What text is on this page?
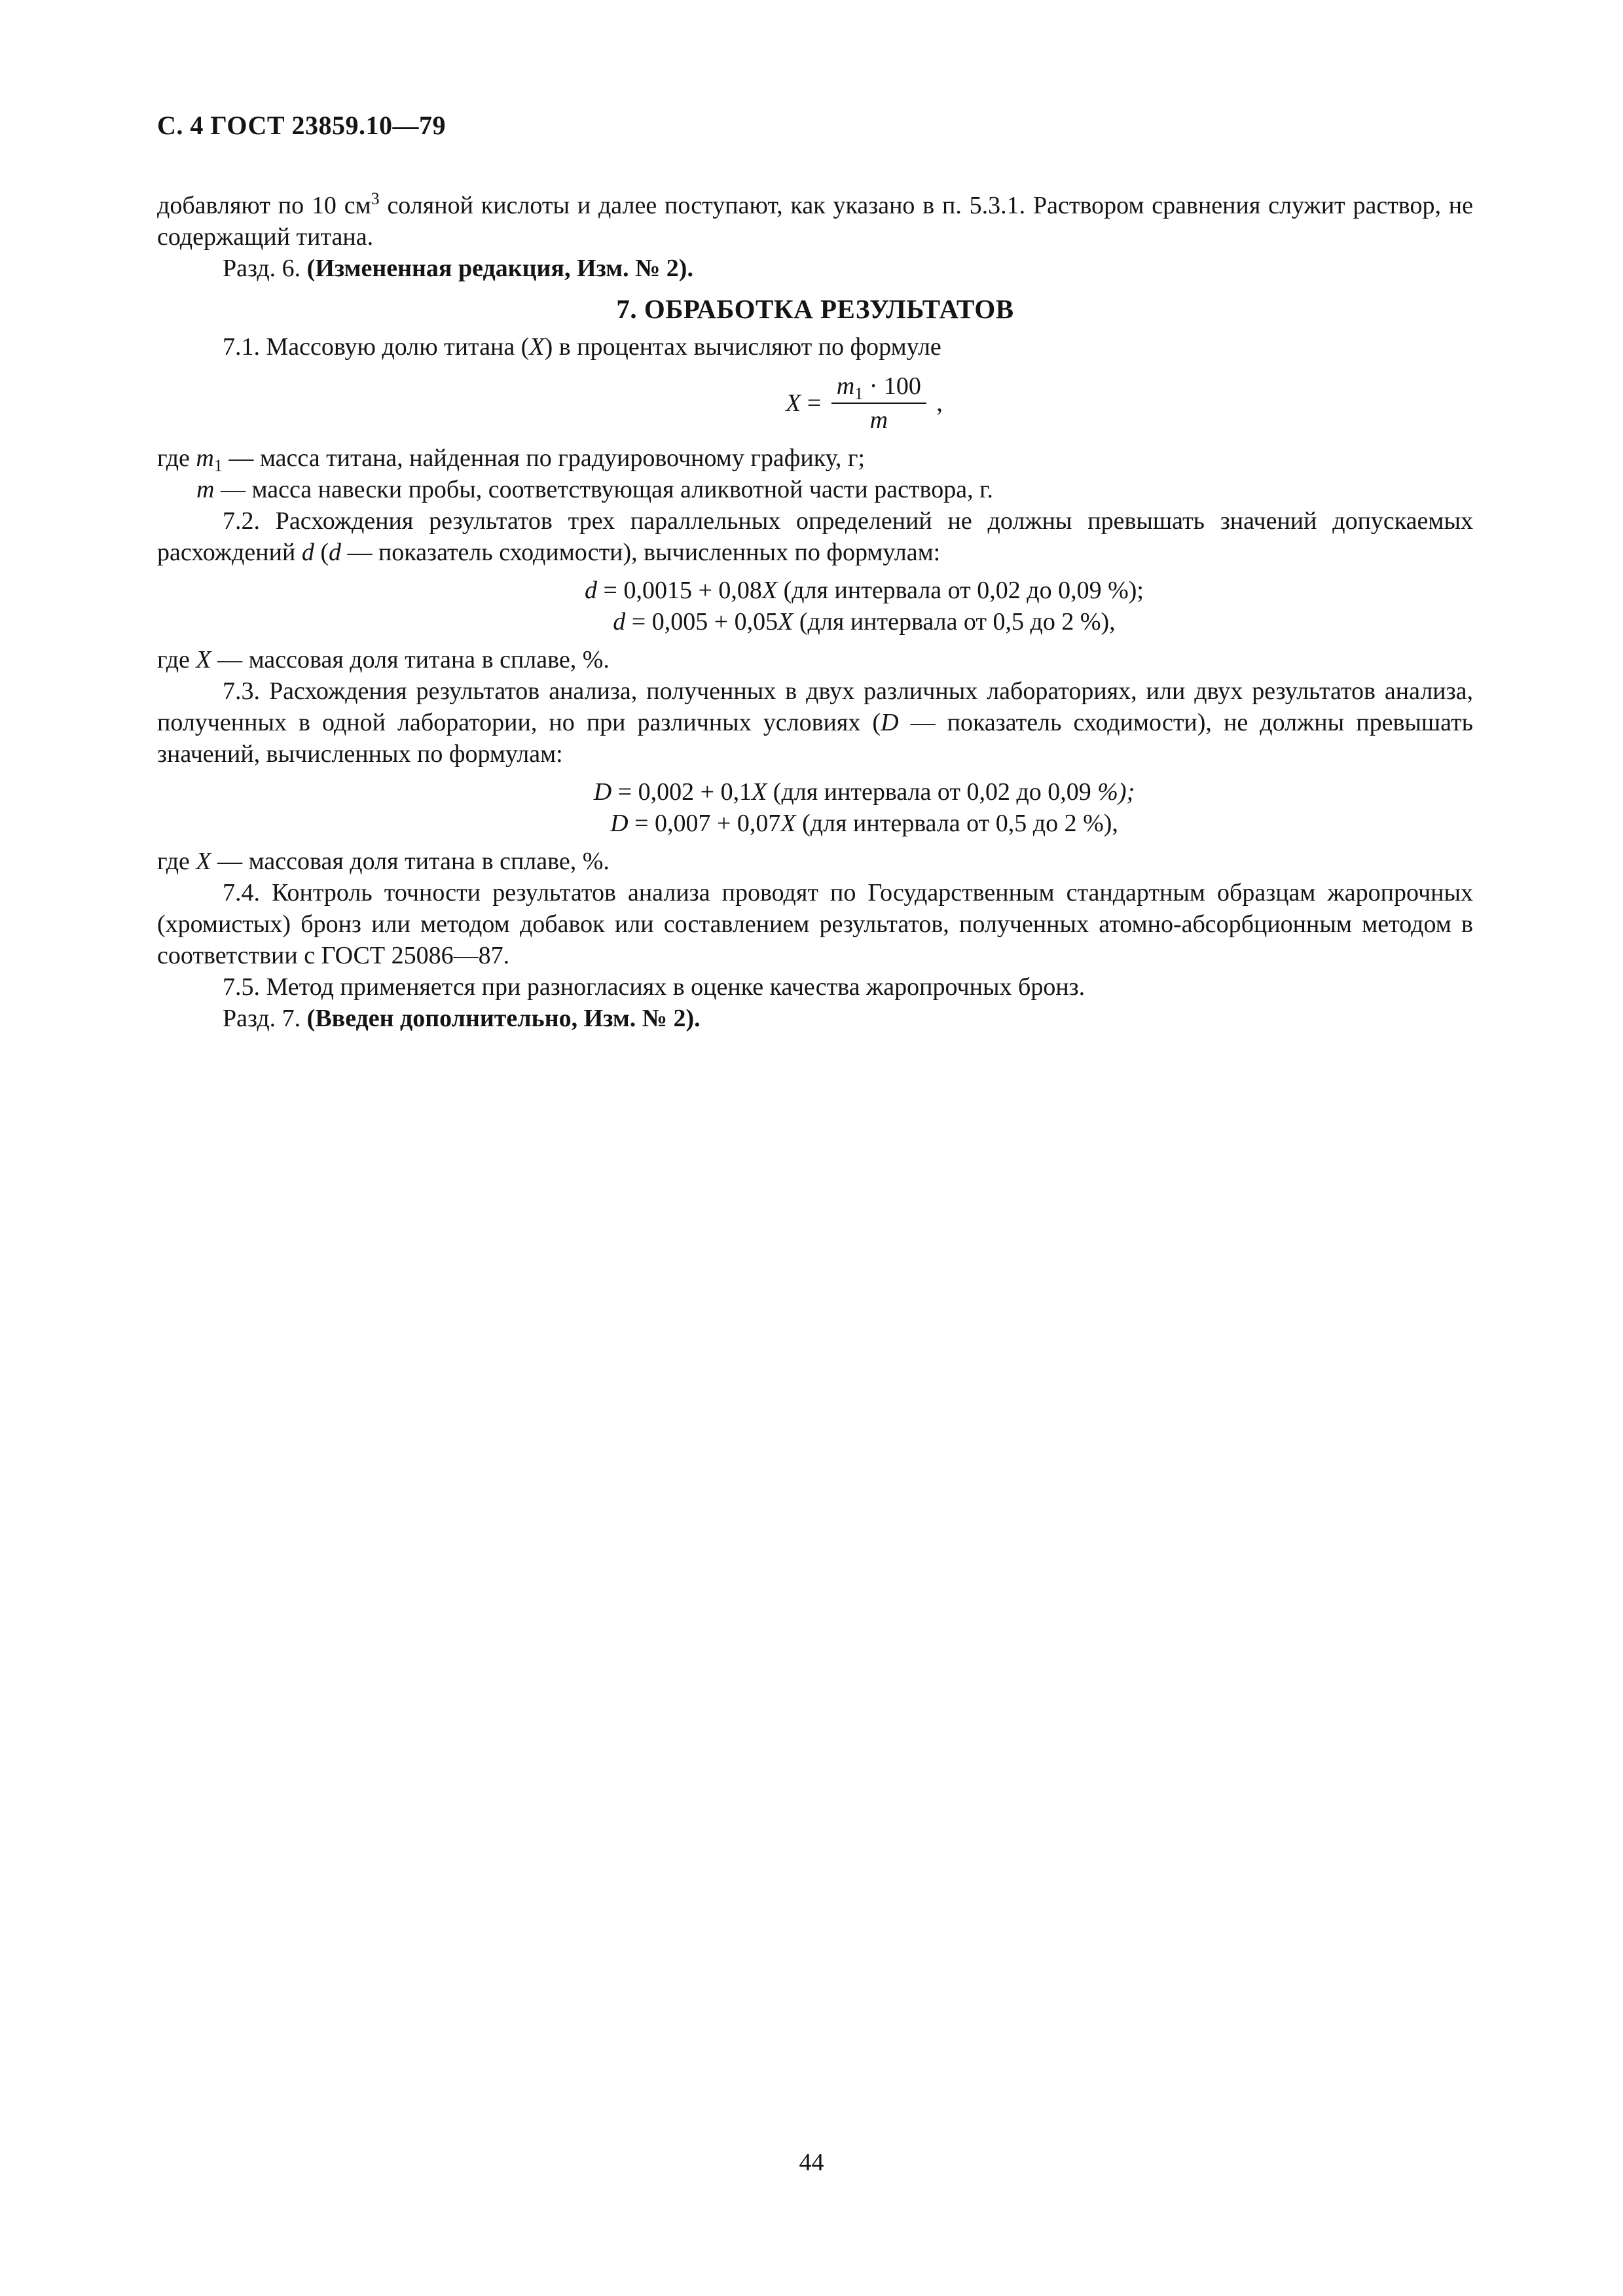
С. 4 ГОСТ 23859.10—79

добавляют по 10 $см^3$ соляной кислоты и далее поступают, как указано в п. 5.3.1. Раствором сравнения служит раствор, не содержащий титана.

Разд. 6. (Измененная редакция, Изм. № 2).

7. ОБРАБОТКА РЕЗУЛЬТАТОВ

7.1. Массовую долю титана (X) в процентах вычисляют по формуле

$X = \frac{m_1 \cdot 100}{m}$ ,

где $m_1$ — масса титана, найденная по градуировочному графику, г;

m — масса навески пробы, соответствующая аликвотной части раствора, г.

7.2. Расхождения результатов трех параллельных определений не должны превышать значений допускаемых расхождений d (d — показатель сходимости), вычисленных по формулам:

d = 0,0015 + 0,08X (для интервала от 0,02 до 0,09 %);

d = 0,005 + 0,05X (для интервала от 0,5 до 2 %),

где X — массовая доля титана в сплаве, %.

7.3. Расхождения результатов анализа, полученных в двух различных лабораториях, или двух результатов анализа, полученных в одной лаборатории, но при различных условиях (D — показатель сходимости), не должны превышать значений, вычисленных по формулам:

D = 0,002 + 0,1X (для интервала от 0,02 до 0,09 %);

D = 0,007 + 0,07X (для интервала от 0,5 до 2 %),

где X — массовая доля титана в сплаве, %.

7.4. Контроль точности результатов анализа проводят по Государственным стандартным образцам жаропрочных (хромистых) бронз или методом добавок или составлением результатов, полученных атомно-абсорбционным методом в соответствии с ГОСТ 25086—87.

7.5. Метод применяется при разногласиях в оценке качества жаропрочных бронз.

Разд. 7. (Введен дополнительно, Изм. № 2).

44
